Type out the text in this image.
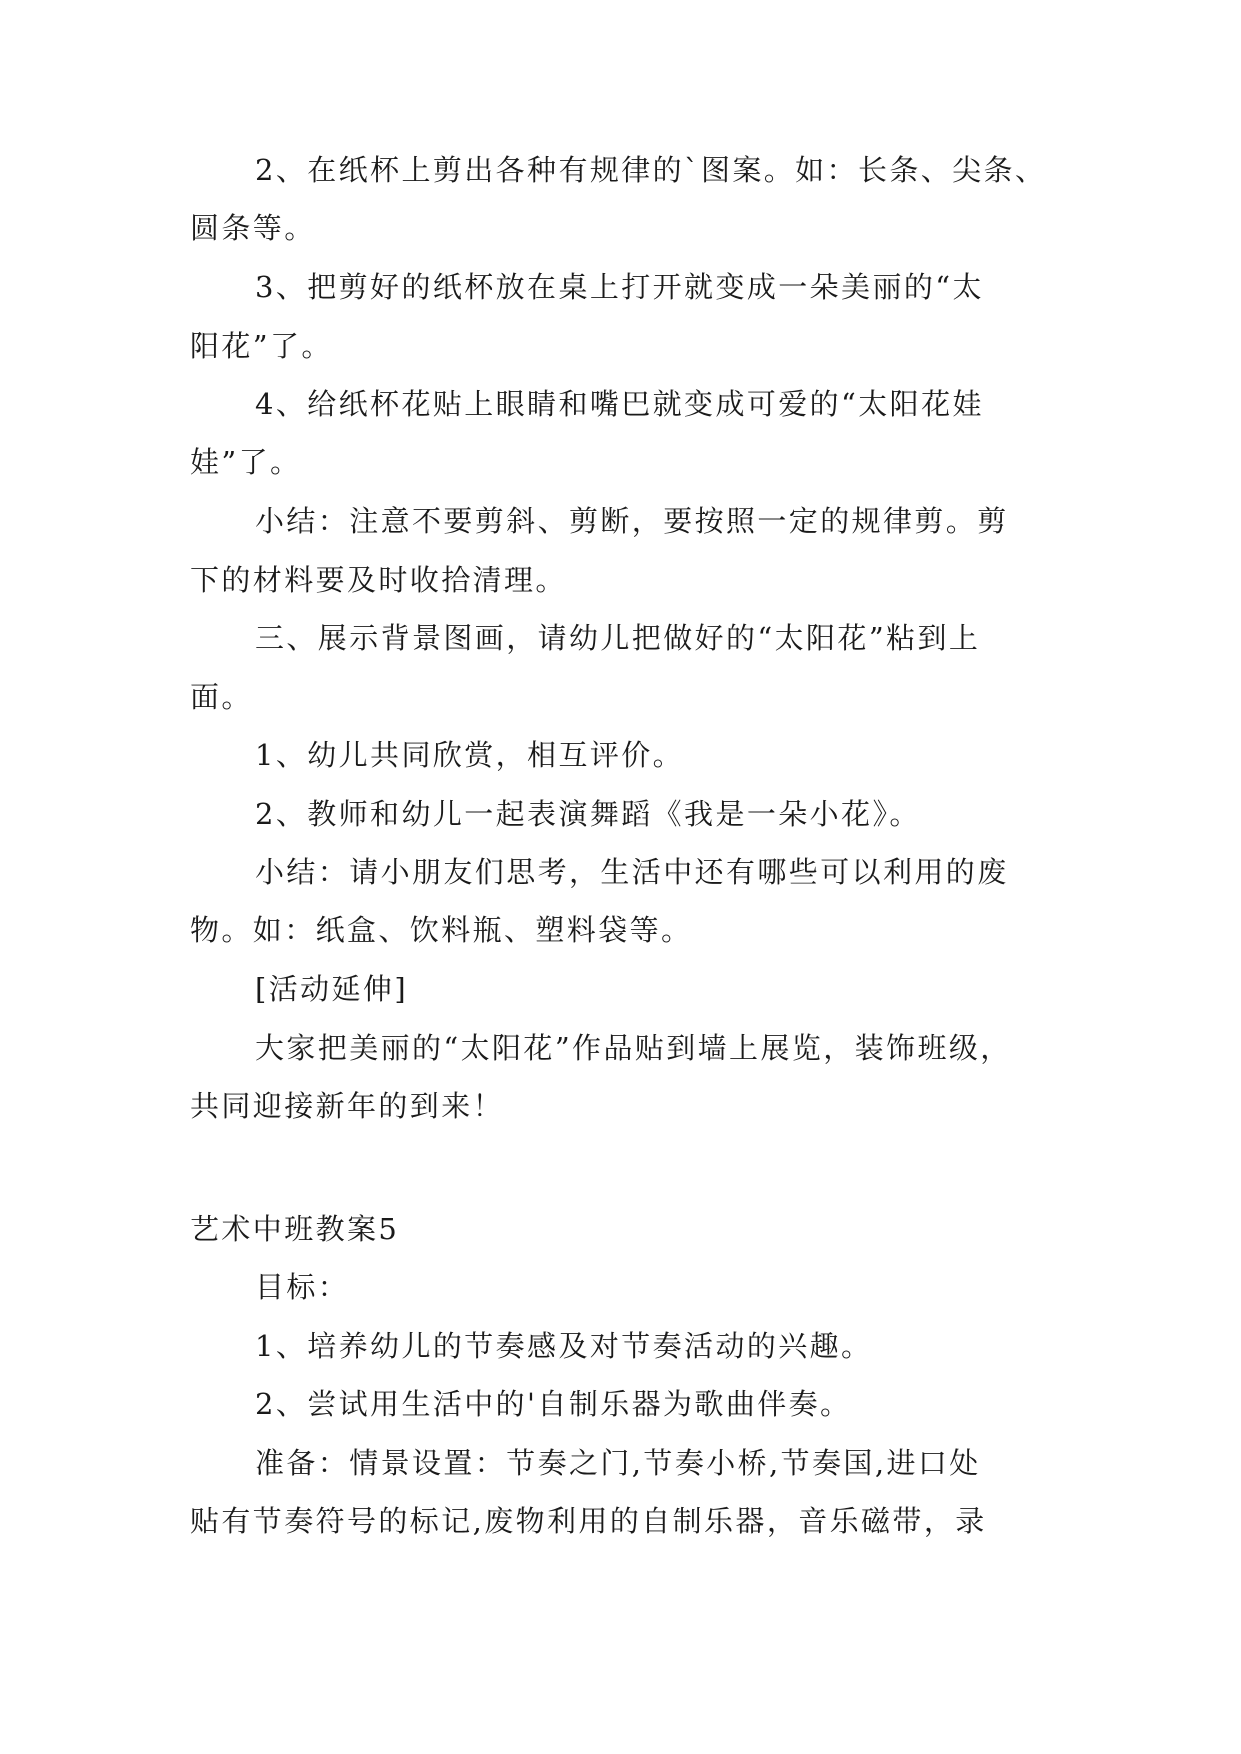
2、在纸杯上剪出各种有规律的`图案。如：长条、尖条、
圆条等。
3、把剪好的纸杯放在桌上打开就变成一朵美丽的“太
阳花”了。
4、给纸杯花贴上眼睛和嘴巴就变成可爱的“太阳花娃
娃”了。
小结：注意不要剪斜、剪断，要按照一定的规律剪。剪
下的材料要及时收拾清理。
三、展示背景图画，请幼儿把做好的“太阳花”粘到上
面。
1、幼儿共同欣赏，相互评价。
2、教师和幼儿一起表演舞蹈《我是一朵小花》。
小结：请小朋友们思考，生活中还有哪些可以利用的废
物。如：纸盒、饮料瓶、塑料袋等。
[活动延伸]
大家把美丽的“太阳花”作品贴到墙上展览，装饰班级，
共同迎接新年的到来！
艺术中班教案5
目标：
1、培养幼儿的节奏感及对节奏活动的兴趣。
2、尝试用生活中的'自制乐器为歌曲伴奏。
准备：情景设置：节奏之门,节奏小桥,节奏国,进口处
贴有节奏符号的标记,废物利用的自制乐器，音乐磁带，录
